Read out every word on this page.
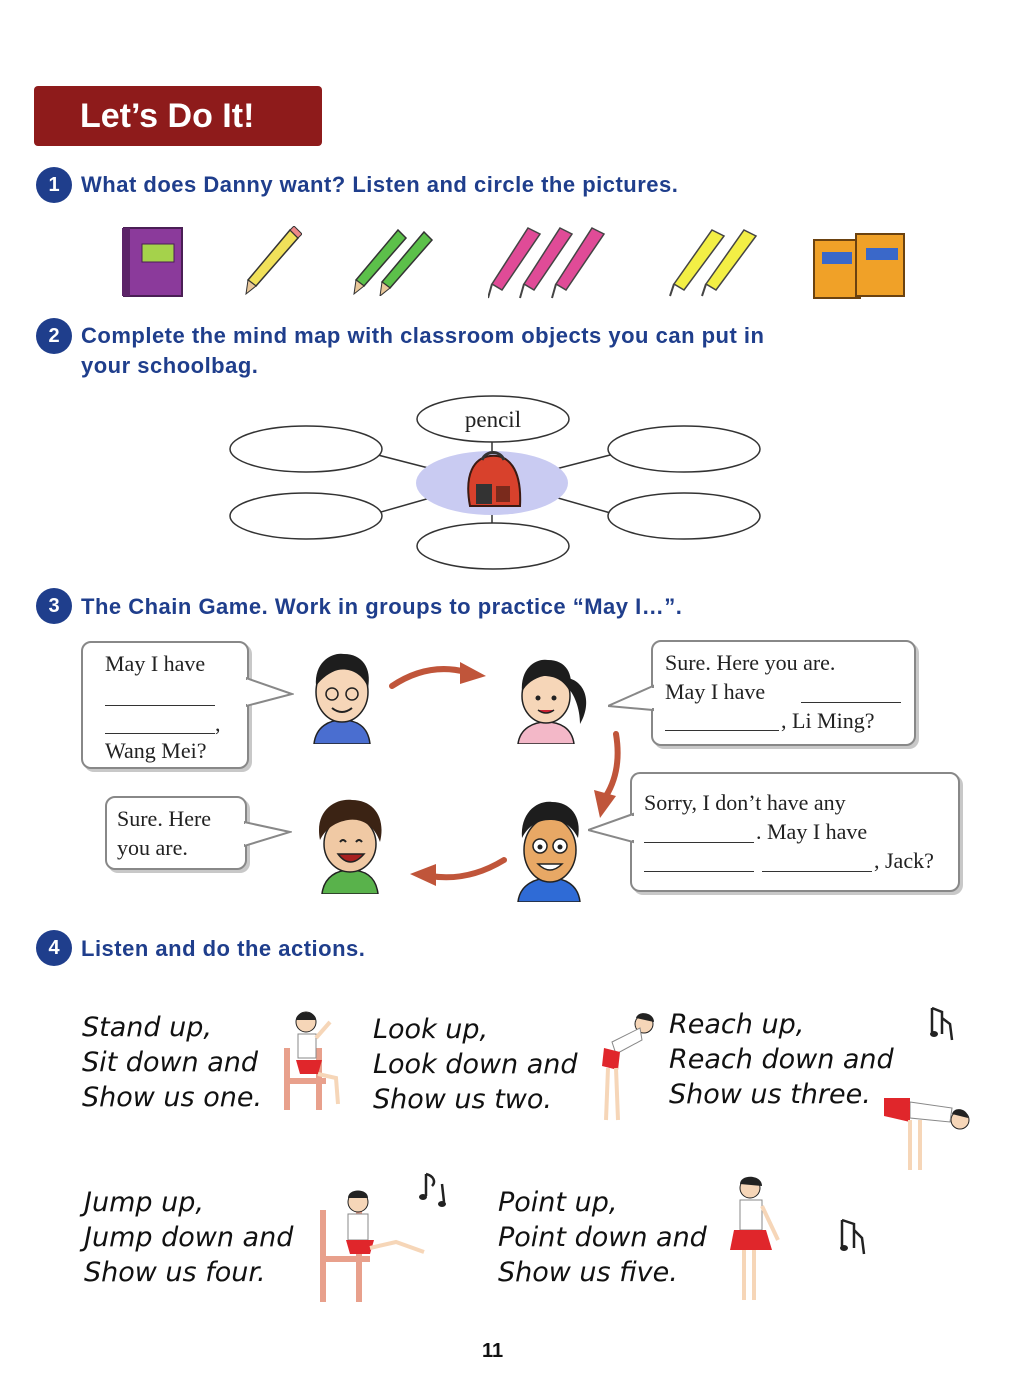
Let’s Do It!
1 What does Danny want? Listen and circle the pictures.
2 Complete the mind map with classroom objects you can put in
your schoolbag.
pencil
3 The Chain Game. Work in groups to practice “May I…”.
May I have
,
Wang Mei?
Sure. Here you are.
May I have
, Li Ming?
Sure. Here
you are.
Sorry, I don’t have any
. May I have
, Jack?
4 Listen and do the actions.
Stand up,
Sit down and
Show us one.
Look up,
Look down and
Show us two.
Reach up,
Reach down and
Show us three.
Jump up,
Jump down and
Show us four.
Point up,
Point down and
Show us five.
11
